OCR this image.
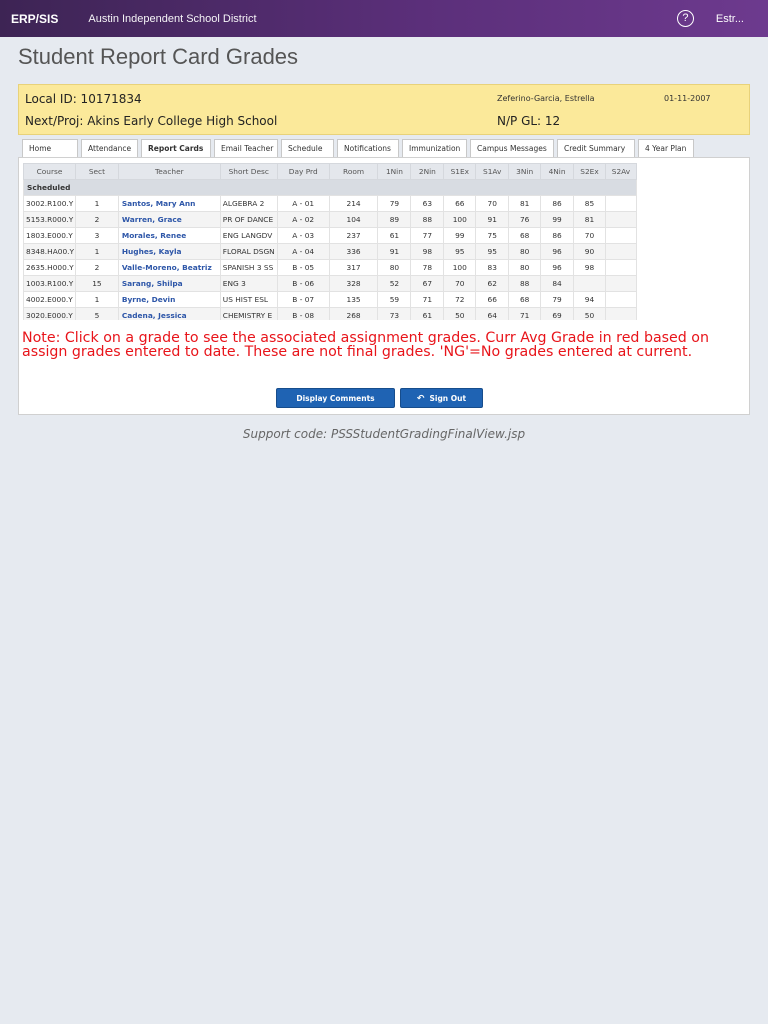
ERP/SIS	Austin Independent School District	?	Estr...
Student Report Card Grades
Local ID: 10171834
Next/Proj: Akins Early College High School
Zeferino-Garcia, Estrella	01-11-2007
N/P GL: 12
Home	Attendance	Report Cards	Email Teacher	Schedule	Notifications	Immunization	Campus Messages	Credit Summary	4 Year Plan
Course	Sect	Teacher	Short Desc	Day Prd	Room	1Nin	2Nin	S1Ex	S1Av	3Nin	4Nin	S2Ex	S2Av
Scheduled													
3002.R100.Y	1	Santos, Mary Ann	ALGEBRA 2	A - 01	214	79	63	66	70	81	86	85	
5153.R000.Y	2	Warren, Grace	PR OF DANCE	A - 02	104	89	88	100	91	76	99	81	
1803.E000.Y	3	Morales, Renee	ENG LANGDV	A - 03	237	61	77	99	75	68	86	70	
8348.HA00.Y	1	Hughes, Kayla	FLORAL DSGN	A - 04	336	91	98	95	95	80	96	90	
2635.H000.Y	2	Valle-Moreno, Beatriz	SPANISH 3 SS	B - 05	317	80	78	100	83	80	96	98	
1003.R100.Y	15	Sarang, Shilpa	ENG 3	B - 06	328	52	67	70	62	88	84		
4002.E000.Y	1	Byrne, Devin	US HIST ESL	B - 07	135	59	71	72	66	68	79	94	
3020.E000.Y	5	Cadena, Jessica	CHEMISTRY E	B - 08	268	73	61	50	64	71	69	50	
Note: Click on a grade to see the associated assignment grades. Curr Avg Grade in red based on assign grades entered to date. These are not final grades. 'NG'=No grades entered at current.
Display Comments	↶ Sign Out
Support code: PSSStudentGradingFinalView.jsp
